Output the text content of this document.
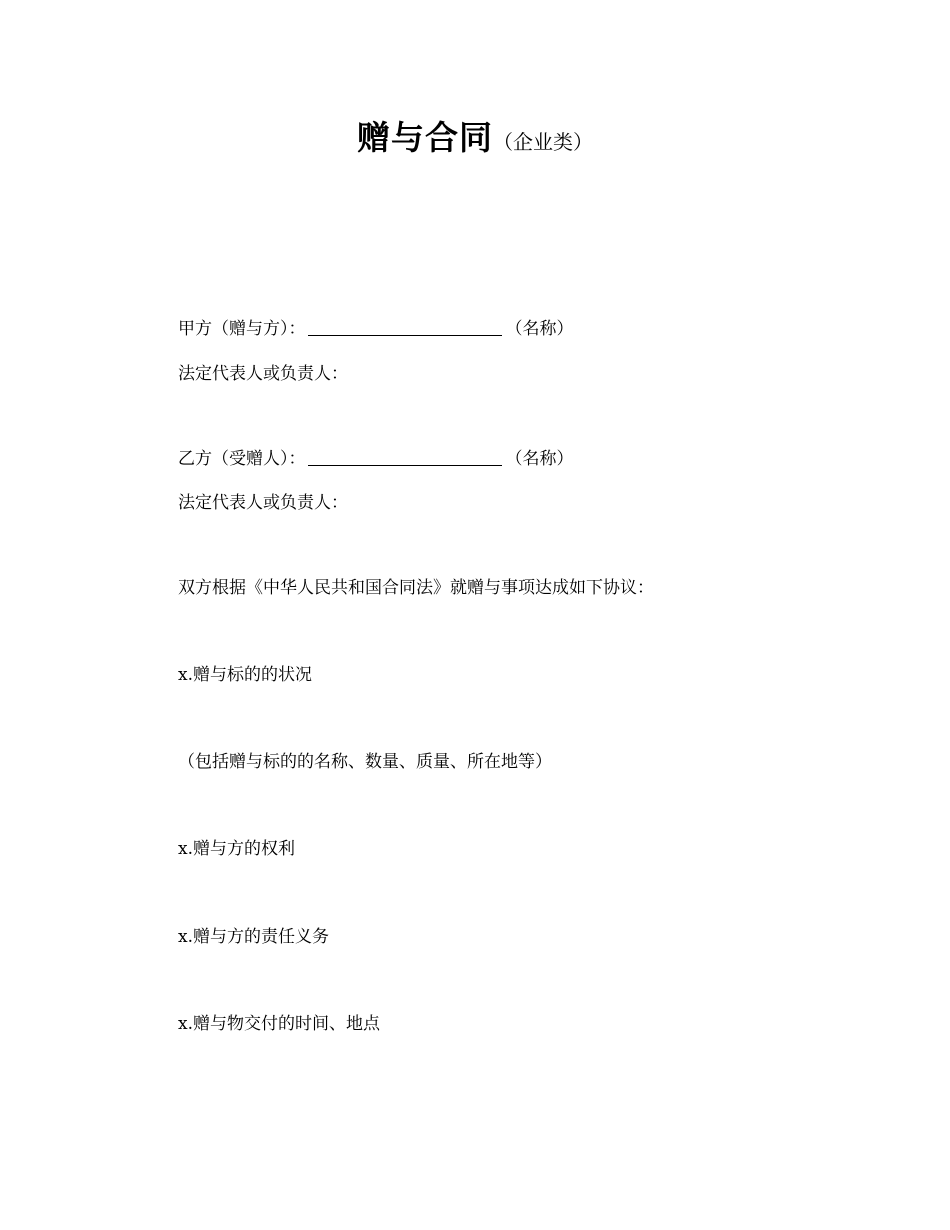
赠与合同（企业类）
甲方（赠与方）：	（名称）
法定代表人或负责人：
乙方（受赠人）：	（名称）
法定代表人或负责人：
双方根据《中华人民共和国合同法》就赠与事项达成如下协议：
x.赠与标的的状况
（包括赠与标的的名称、数量、质量、所在地等）
x.赠与方的权利
x.赠与方的责任义务
x.赠与物交付的时间、地点
